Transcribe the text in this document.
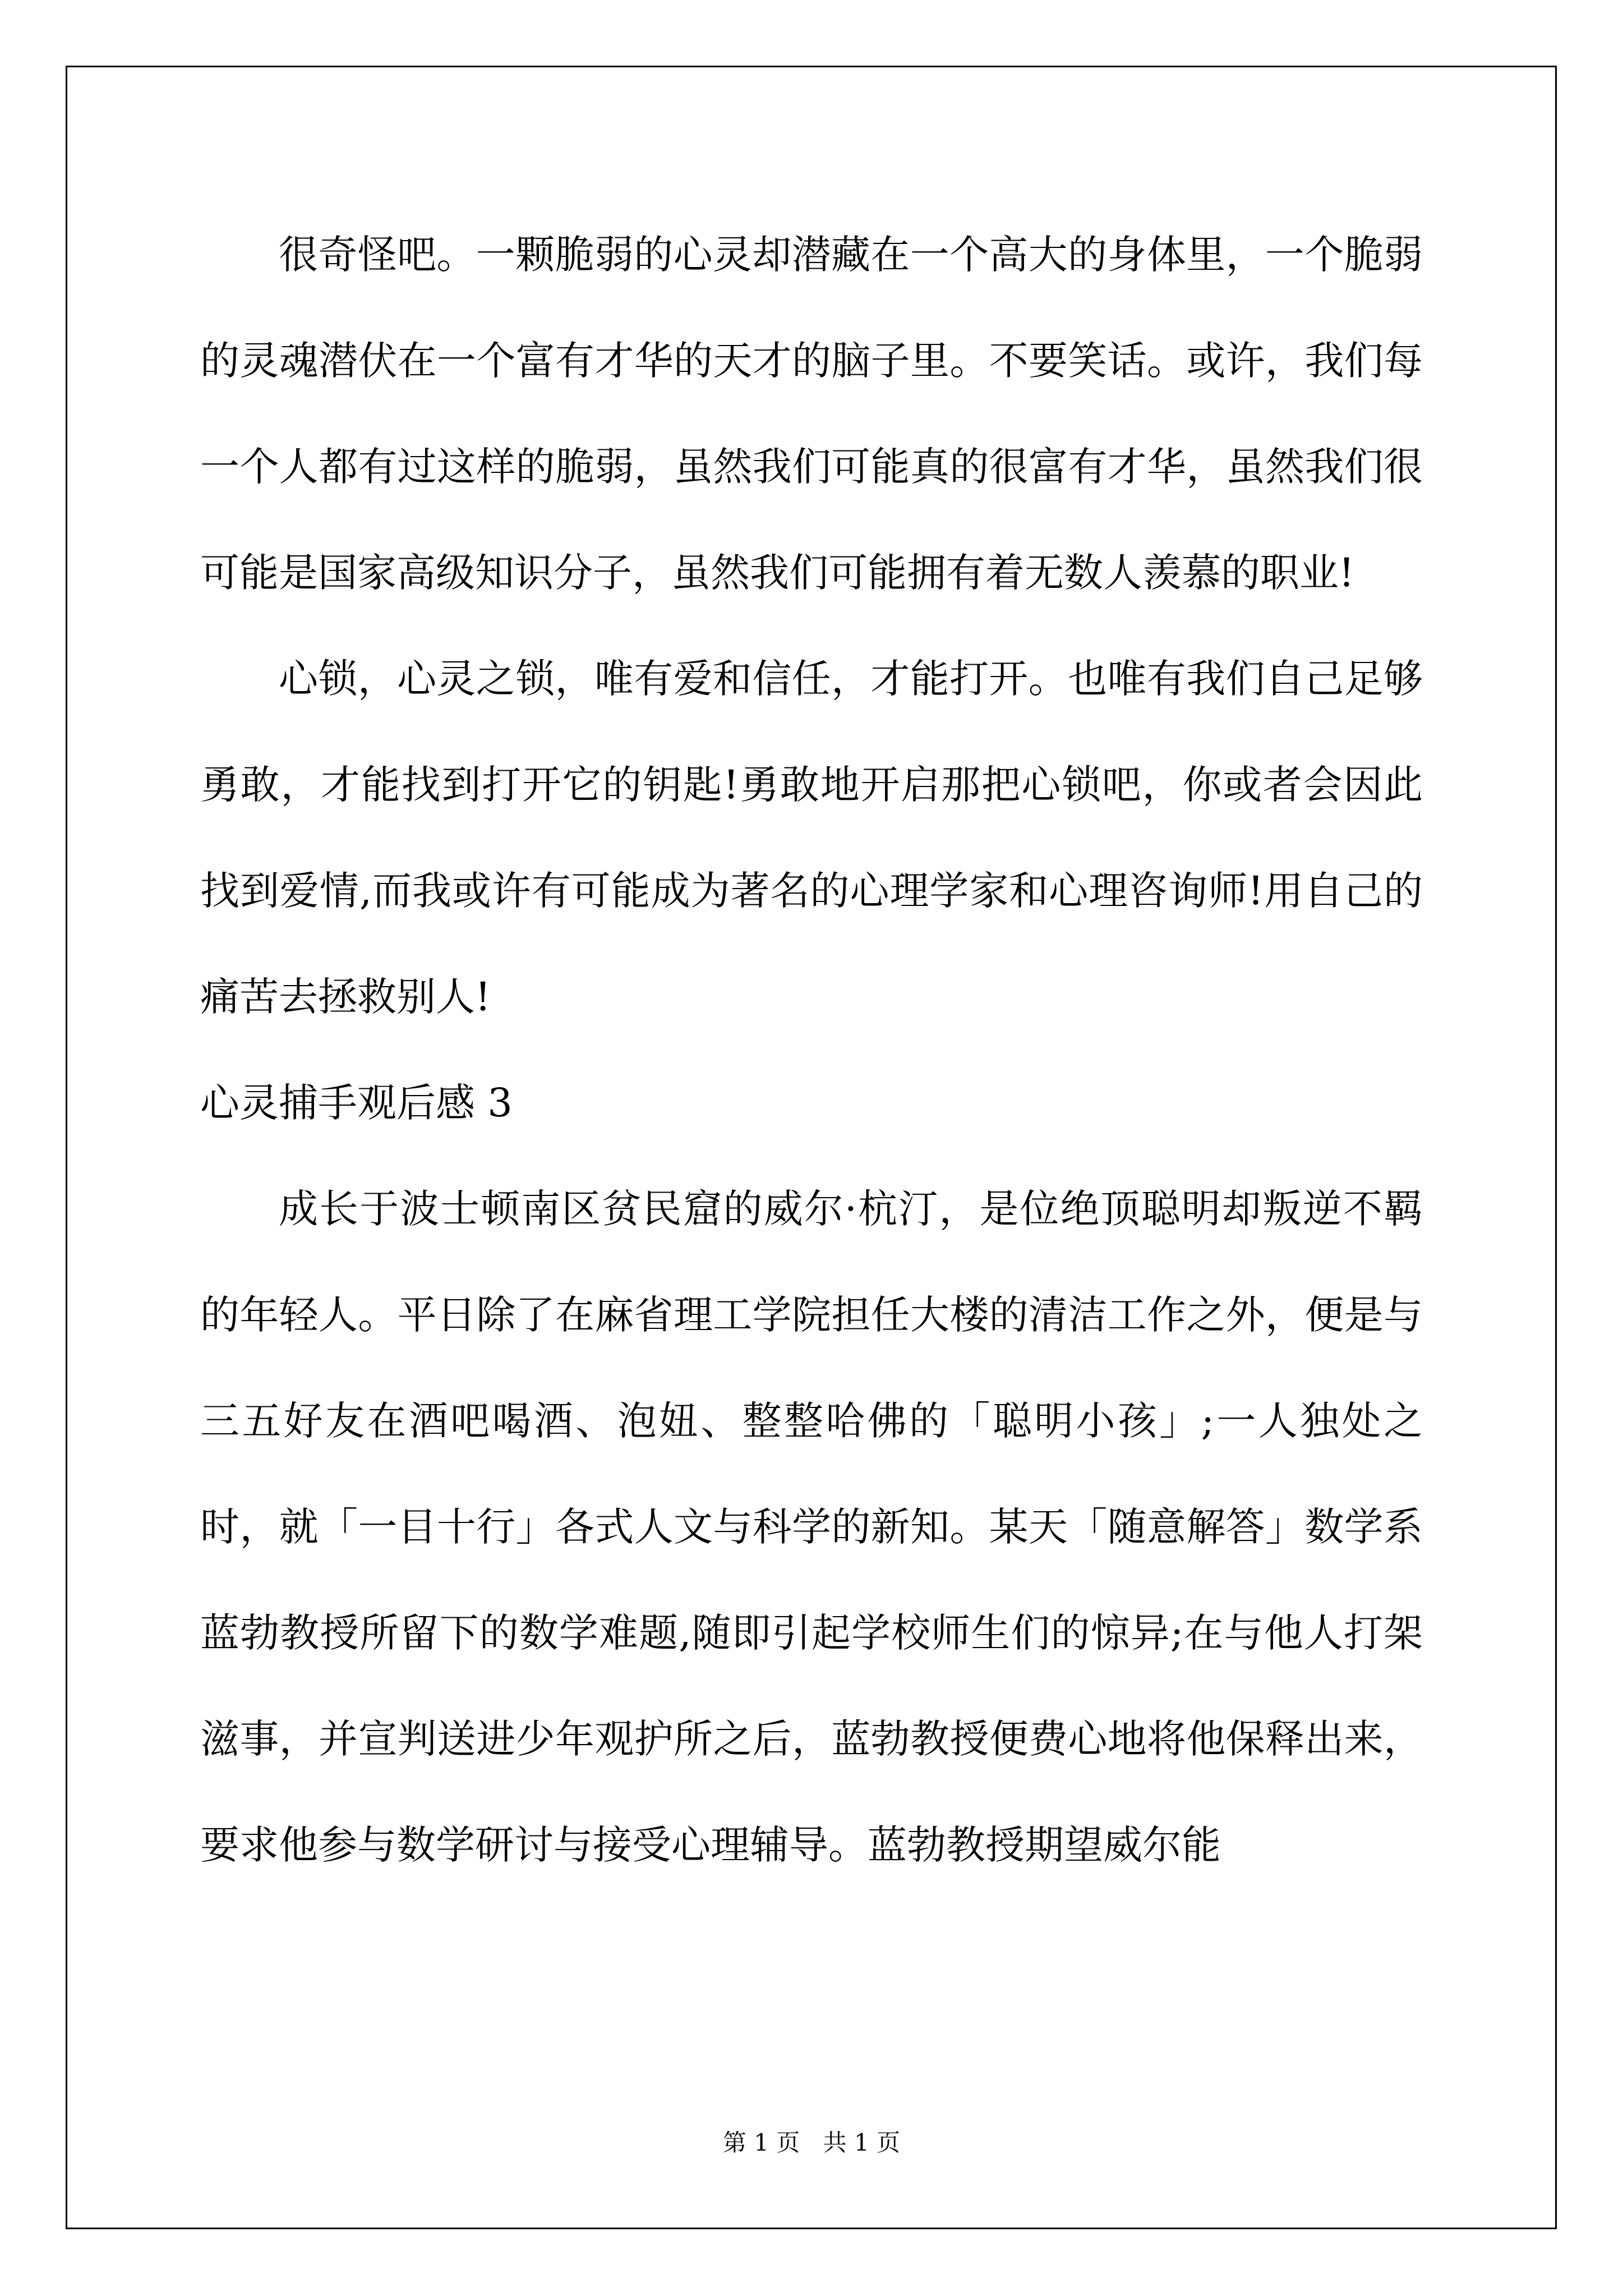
很奇怪吧。一颗脆弱的心灵却潜藏在一个高大的身体里，一个脆弱的灵魂潜伏在一个富有才华的天才的脑子里。不要笑话。或许，我们每一个人都有过这样的脆弱，虽然我们可能真的很富有才华，虽然我们很可能是国家高级知识分子，虽然我们可能拥有着无数人羡慕的职业!

心锁，心灵之锁，唯有爱和信任，才能打开。也唯有我们自己足够勇敢，才能找到打开它的钥匙!勇敢地开启那把心锁吧，你或者会因此找到爱情,而我或许有可能成为著名的心理学家和心理咨询师!用自己的痛苦去拯救别人!

心灵捕手观后感 3

成长于波士顿南区贫民窟的威尔·杭汀，是位绝顶聪明却叛逆不羁的年轻人。平日除了在麻省理工学院担任大楼的清洁工作之外，便是与三五好友在酒吧喝酒、泡妞、整整哈佛的「聪明小孩」;一人独处之时，就「一目十行」各式人文与科学的新知。某天「随意解答」数学系蓝勃教授所留下的数学难题,随即引起学校师生们的惊异;在与他人打架滋事，并宣判送进少年观护所之后，蓝勃教授便费心地将他保释出来，要求他参与数学研讨与接受心理辅导。蓝勃教授期望威尔能

第 1 页 共 1 页
